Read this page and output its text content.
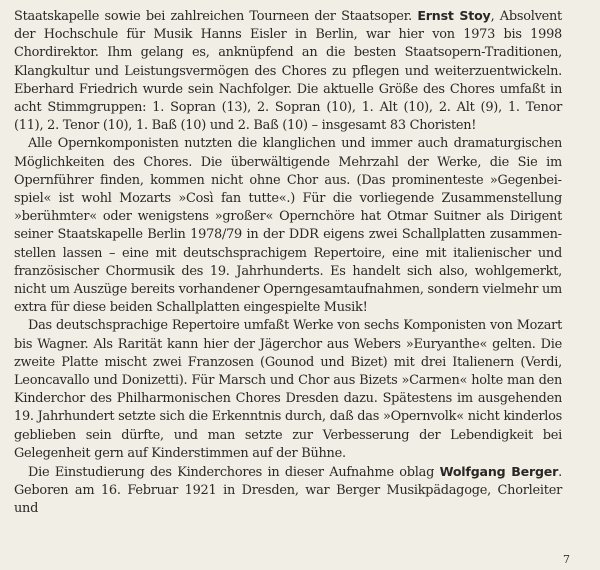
Staatskapelle sowie bei zahlreichen Tourneen der Staatsoper. Ernst Stoy, Absolvent der Hochschule für Musik Hanns Eisler in Berlin, war hier von 1973 bis 1998 Chordirektor. Ihm gelang es, anknüpfend an die besten Staatsopern-Traditionen, Klangkultur und Leistungsvermögen des Chores zu pflegen und weiterzuentwickeln. Eberhard Friedrich wurde sein Nachfolger. Die aktuelle Größe des Chores umfaßt in acht Stimmgruppen: 1. Sopran (13), 2. Sopran (10), 1. Alt (10), 2. Alt (9), 1. Tenor (11), 2. Tenor (10), 1. Baß (10) und 2. Baß (10) – insgesamt 83 Choristen!

Alle Opernkomponisten nutzten die klanglichen und immer auch dramaturgischen Möglichkeiten des Chores. Die überwältigende Mehrzahl der Werke, die Sie im Opernführer finden, kommen nicht ohne Chor aus. (Das prominenteste »Gegenbeispiel« ist wohl Mozarts »Così fan tutte«.) Für die vorliegende Zusammenstellung »berühmter« oder wenigstens »großer« Opernchöre hat Otmar Suitner als Dirigent seiner Staatskapelle Berlin 1978/79 in der DDR eigens zwei Schallplatten zusammenstellen lassen – eine mit deutschsprachigem Repertoire, eine mit italienischer und französischer Chormusik des 19. Jahrhunderts. Es handelt sich also, wohlgemerkt, nicht um Auszüge bereits vorhandener Operngesamtaufnahmen, sondern vielmehr um extra für diese beiden Schallplatten eingespielte Musik!

Das deutschsprachige Repertoire umfaßt Werke von sechs Komponisten von Mozart bis Wagner. Als Rarität kann hier der Jägerchor aus Webers »Euryanthe« gelten. Die zweite Platte mischt zwei Franzosen (Gounod und Bizet) mit drei Italienern (Verdi, Leoncavallo und Donizetti). Für Marsch und Chor aus Bizets »Carmen« holte man den Kinderchor des Philharmonischen Chores Dresden dazu. Spätestens im ausgehenden 19. Jahrhundert setzte sich die Erkenntnis durch, daß das »Opernvolk« nicht kinderlos geblieben sein dürfte, und man setzte zur Verbesserung der Lebendigkeit bei Gelegenheit gern auf Kinderstimmen auf der Bühne.

Die Einstudierung des Kinderchores in dieser Aufnahme oblag Wolfgang Berger. Geboren am 16. Februar 1921 in Dresden, war Berger Musikpädagoge, Chorleiter und

7
